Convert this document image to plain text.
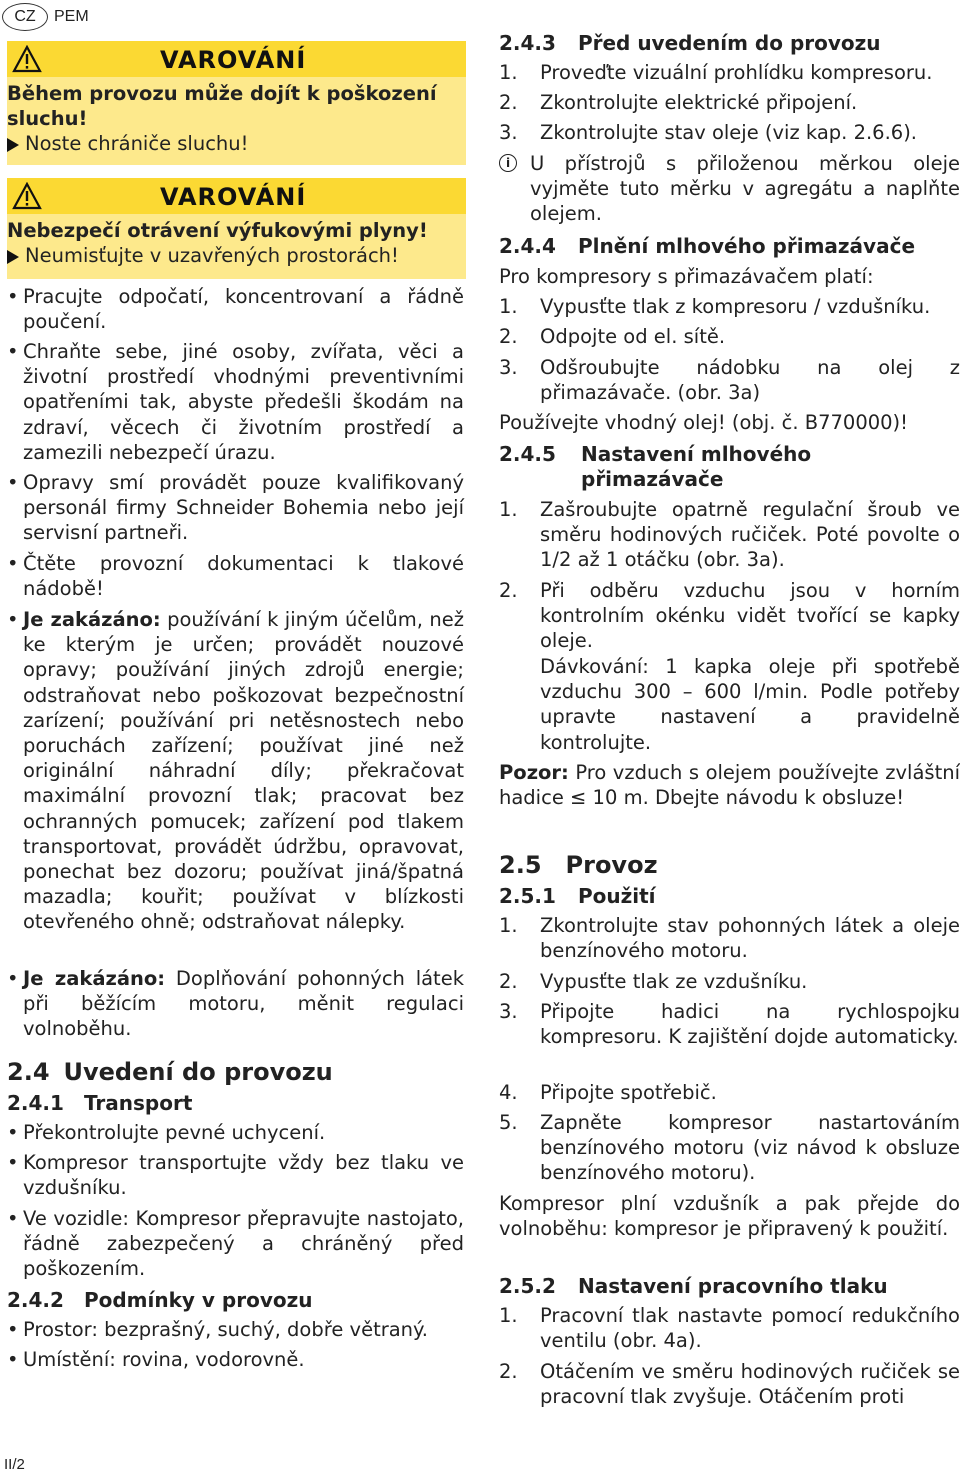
CZ	PEM
VAROVÁNÍ
Během provozu může dojít k poškození sluchu!
Noste chrániče sluchu!
VAROVÁNÍ
Nebezpečí otrávení výfukovými plyny!
Neumisťujte v uzavřených prostorách!
• Pracujte odpočatí, koncentrovaní a řádně poučení.
• Chraňte sebe, jiné osoby, zvířata, věci a životní prostředí vhodnými preventivními opatřeními tak, abyste předešli škodám na zdraví, věcech či životním prostředí a zamezili nebezpečí úrazu.
• Opravy smí provádět pouze kvalifikovaný personál firmy Schneider Bohemia nebo její servisní partneři.
• Čtěte provozní dokumentaci k tlakové nádobě!
• Je zakázáno: používání k jiným účelům, než ke kterým je určen; provádět nouzové opravy; používání jiných zdrojů energie; odstraňovat nebo poškozovat bezpečnostní zarízení; používání pri netěsnostech nebo poruchách zařízení; používat jiné než originální náhradní díly; překračovat maximální provozní tlak; pracovat bez ochranných pomucek; zařízení pod tlakem transportovat, provádět údržbu, opravovat, ponechat bez dozoru; používat jiná/špatná mazadla; kouřit; používat v blízkosti otevřeného ohně; odstraňovat nálepky.
• Je zakázáno: Doplňování pohonných látek při běžícím motoru, měnit regulaci volnoběhu.
2.4 Uvedení do provozu
2.4.1 Transport
• Překontrolujte pevné uchycení.
• Kompresor transportujte vždy bez tlaku ve vzdušníku.
• Ve vozidle: Kompresor přepravujte nastojato, řádně zabezpečený a chráněný před poškozením.
2.4.2 Podmínky v provozu
• Prostor: bezprašný, suchý, dobře větraný.
• Umístění: rovina, vodorovně.
2.4.3 Před uvedením do provozu
1. Proveďte vizuální prohlídku kompresoru.
2. Zkontrolujte elektrické připojení.
3. Zkontrolujte stav oleje (viz kap. 2.6.6).
i	U přístrojů s přiloženou měrkou oleje vyjměte tuto měrku v agregátu a naplňte olejem.
2.4.4 Plnění mlhového přimazávače
Pro kompresory s přimazávačem platí:
1. Vypusťte tlak z kompresoru / vzdušníku.
2. Odpojte od el. sítě.
3. Odšroubujte nádobku na olej z přimazávače. (obr. 3a)
Používejte vhodný olej! (obj. č. B770000)!
2.4.5 Nastavení mlhového přimazávače
1. Zašroubujte opatrně regulační šroub ve směru hodinových ručiček. Poté povolte o 1/2 až 1 otáčku (obr. 3a).
2. Při odběru vzduchu jsou v horním kontrolním okénku vidět tvořící se kapky oleje.
Dávkování: 1 kapka oleje při spotřebě vzduchu 300 – 600 l/min. Podle potřeby upravte nastavení a pravidelně kontrolujte.
Pozor: Pro vzduch s olejem používejte zvláštní hadice ≤ 10 m. Dbejte návodu k obsluze!
2.5 Provoz
2.5.1 Použití
1. Zkontrolujte stav pohonných látek a oleje benzínového motoru.
2. Vypusťte tlak ze vzdušníku.
3. Připojte hadici na rychlospojku kompresoru. K zajištění dojde automaticky.
4. Připojte spotřebič.
5. Zapněte kompresor nastartováním benzínového motoru (viz návod k obsluze benzínového motoru).
Kompresor plní vzdušník a pak přejde do volnoběhu: kompresor je připravený k použití.
2.5.2 Nastavení pracovního tlaku
1. Pracovní tlak nastavte pomocí redukčního ventilu (obr. 4a).
2. Otáčením ve směru hodinových ručiček se pracovní tlak zvyšuje. Otáčením proti
II/2
